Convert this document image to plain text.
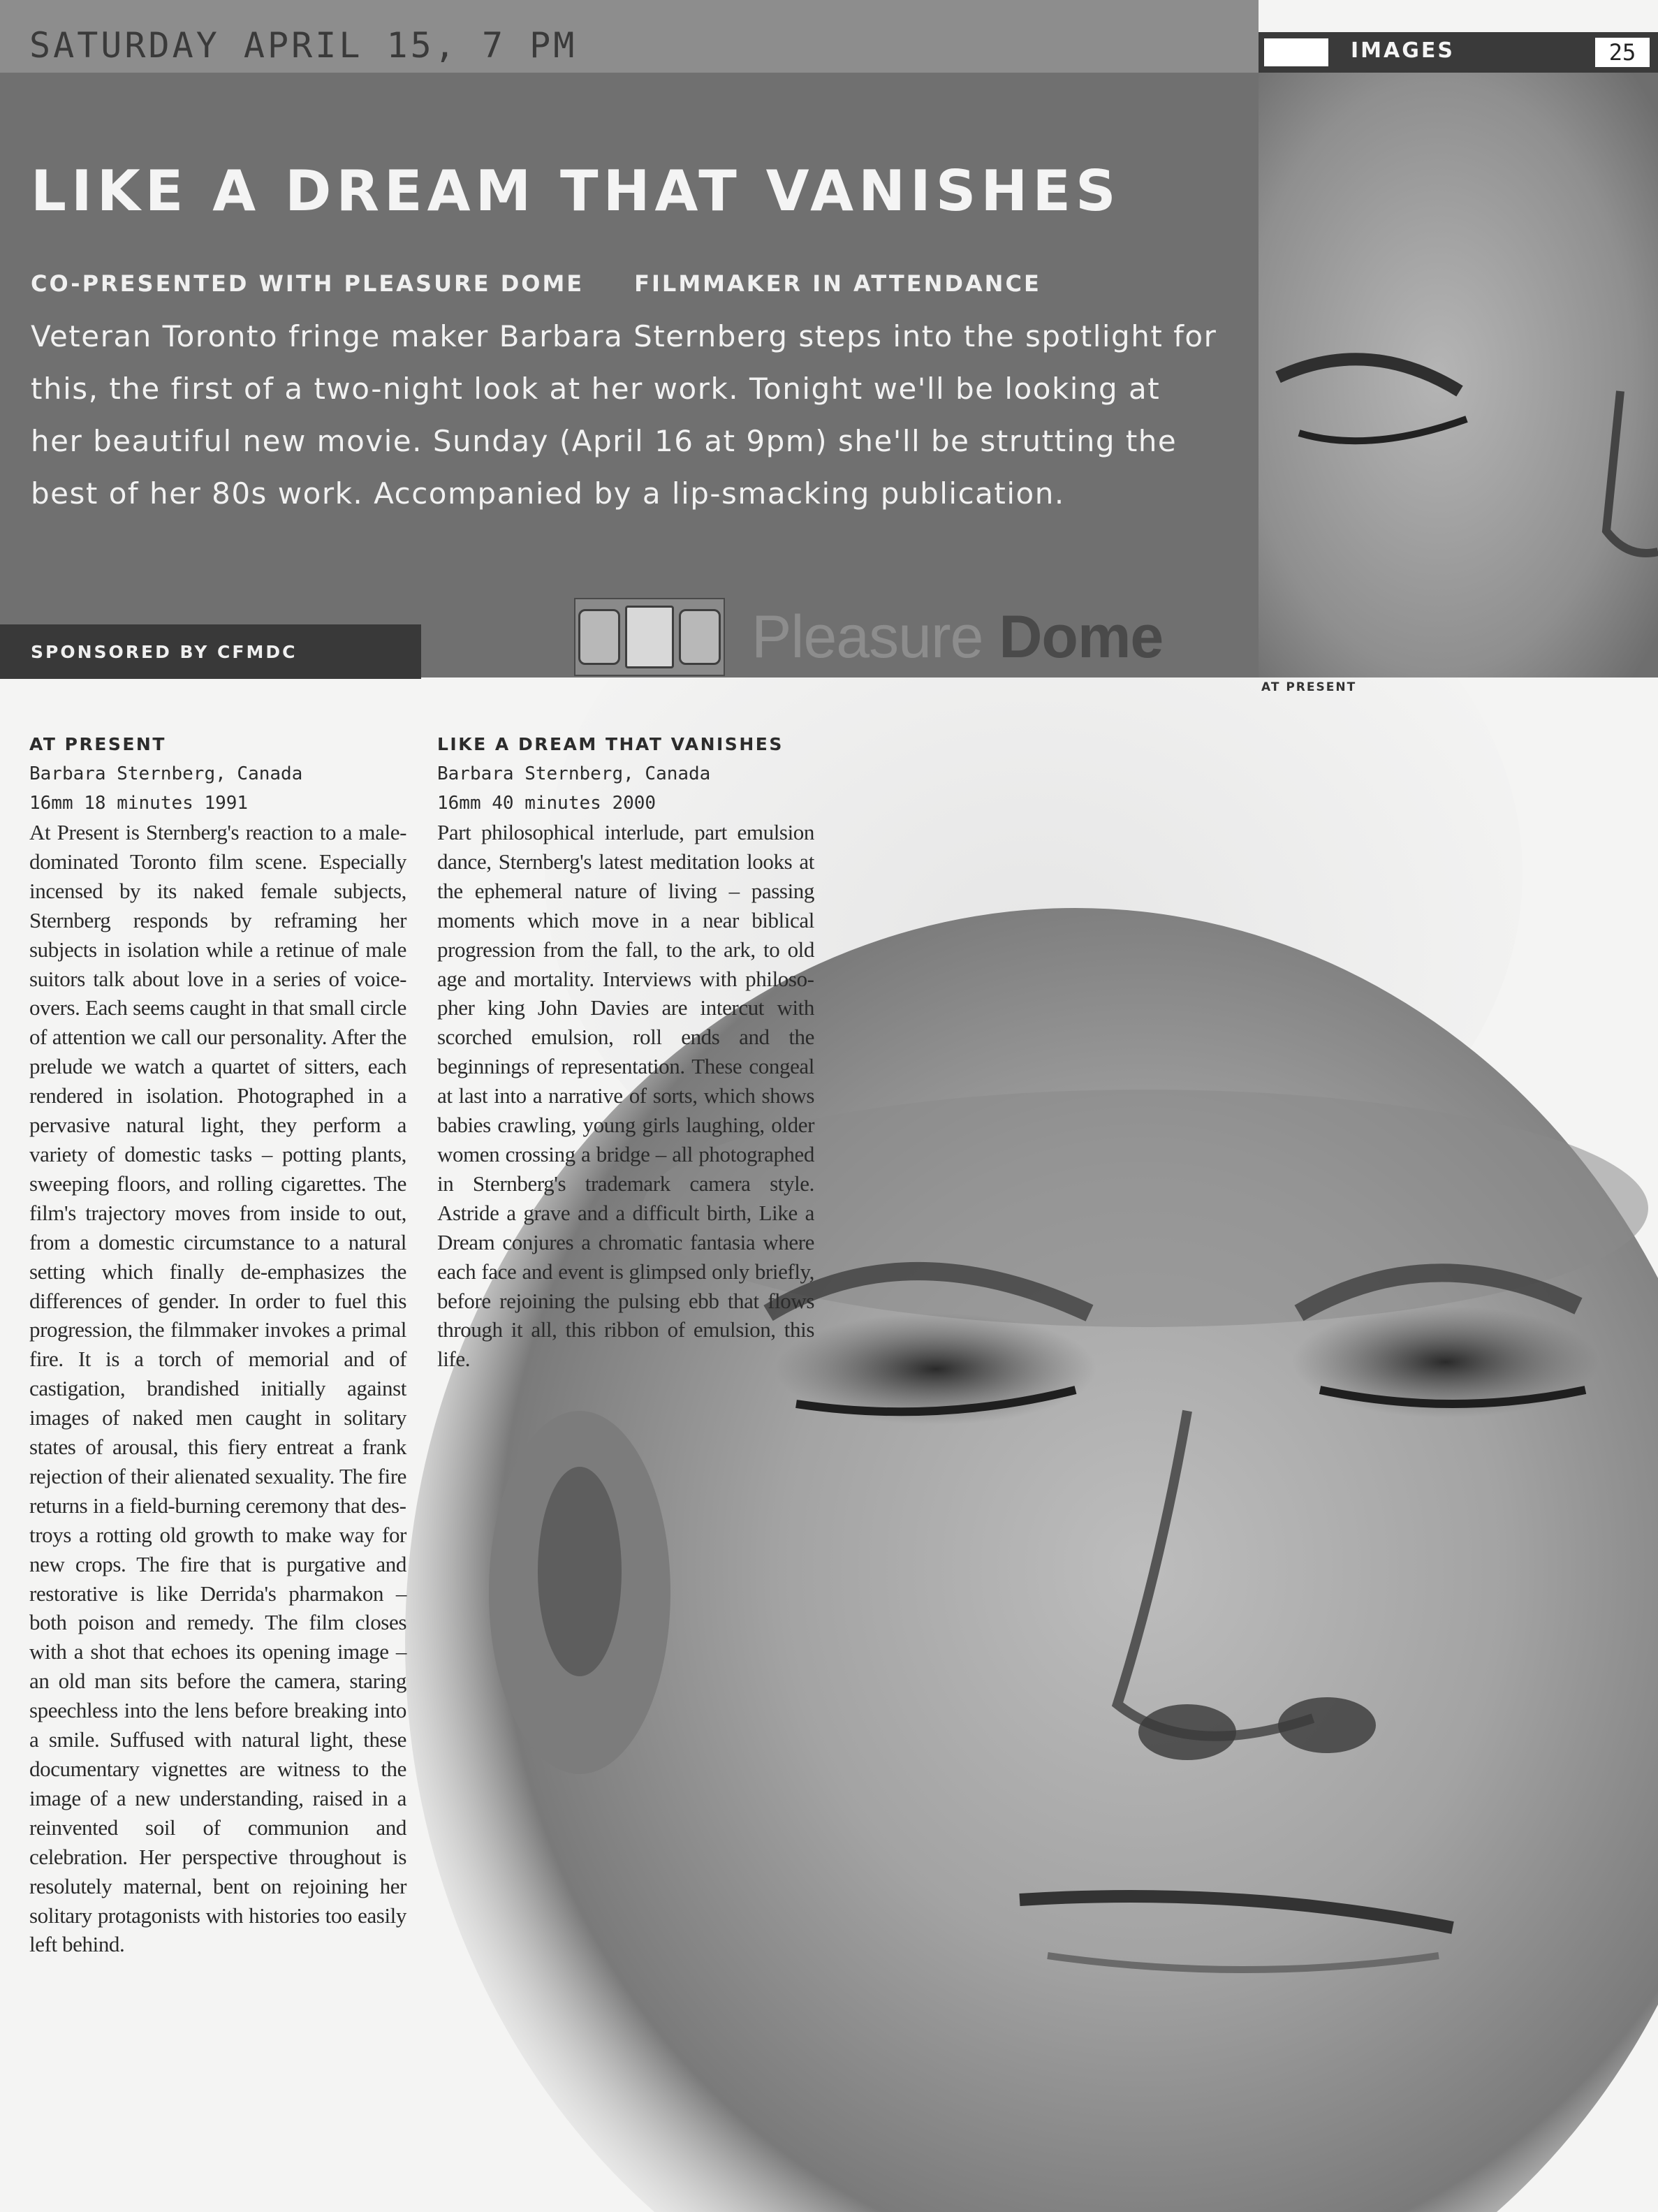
SATURDAY APRIL 15, 7 PM

LIKE A DREAM THAT VANISHES
CO-PRESENTED WITH PLEASURE DOME FILMMAKER IN ATTENDANCE

Veteran Toronto fringe maker Barbara Sternberg steps into the spotlight for this, the first of a two-night look at her work. Tonight we'll be looking at her beautiful new movie. Sunday (April 16 at 9pm) she'll be strutting the best of her 80s work. Accompanied by a lip-smacking publication.

SPONSORED BY CFMDC	Pleasure Dome
IMAGES	25
AT PRESENT

AT PRESENT

Barbara Sternberg, Canada

16mm 18 minutes 1991

At Present is Sternberg's reaction to a male-dominated Toronto film scene. Especially incensed by its naked female subjects, Sternberg responds by reframing her subjects in isolation while a retinue of male suitors talk about love in a series of voice-overs. Each seems caught in that small circle of attention we call our personality. After the prelude we watch a quartet of sitters, each rendered in isolation. Photographed in a pervasive natural light, they perform a variety of domestic tasks – potting plants, sweeping floors, and rolling cigarettes. The film's trajectory moves from inside to out, from a domestic circumstance to a natural setting which finally de-emphasizes the differences of gender. In order to fuel this progression, the filmmaker invokes a primal fire. It is a torch of memorial and of castigation, brandished initially against images of naked men caught in solitary states of arousal, this fiery entreat a frank rejection of their alienated sexuality. The fire returns in a field-burning ceremony that destroys a rotting old growth to make way for new crops. The fire that is purgative and restorative is like Derrida's pharmakon – both poison and remedy. The film closes with a shot that echoes its opening image – an old man sits before the camera, staring speechless into the lens before breaking into a smile. Suffused with natural light, these documentary vignettes are witness to the image of a new understanding, raised in a reinvented soil of communion and celebration. Her perspective throughout is resolutely maternal, bent on rejoining her solitary protagonists with histories too easily left behind.

LIKE A DREAM THAT VANISHES

Barbara Sternberg, Canada

16mm 40 minutes 2000

Part philosophical interlude, part emulsion dance, Sternberg's latest meditation looks at the ephemeral nature of living – passing moments which move in a near biblical progression from the fall, to the ark, to old age and mortality. Interviews with philosopher king John Davies are intercut with scorched emulsion, roll ends and the beginnings of representation. These congeal at last into a narrative of sorts, which shows babies crawling, young girls laughing, older women crossing a bridge – all photographed in Sternberg's trademark camera style. Astride a grave and a difficult birth, Like a Dream conjures a chromatic fantasia where each face and event is glimpsed only briefly, before rejoining the pulsing ebb that flows through it all, this ribbon of emulsion, this life.
